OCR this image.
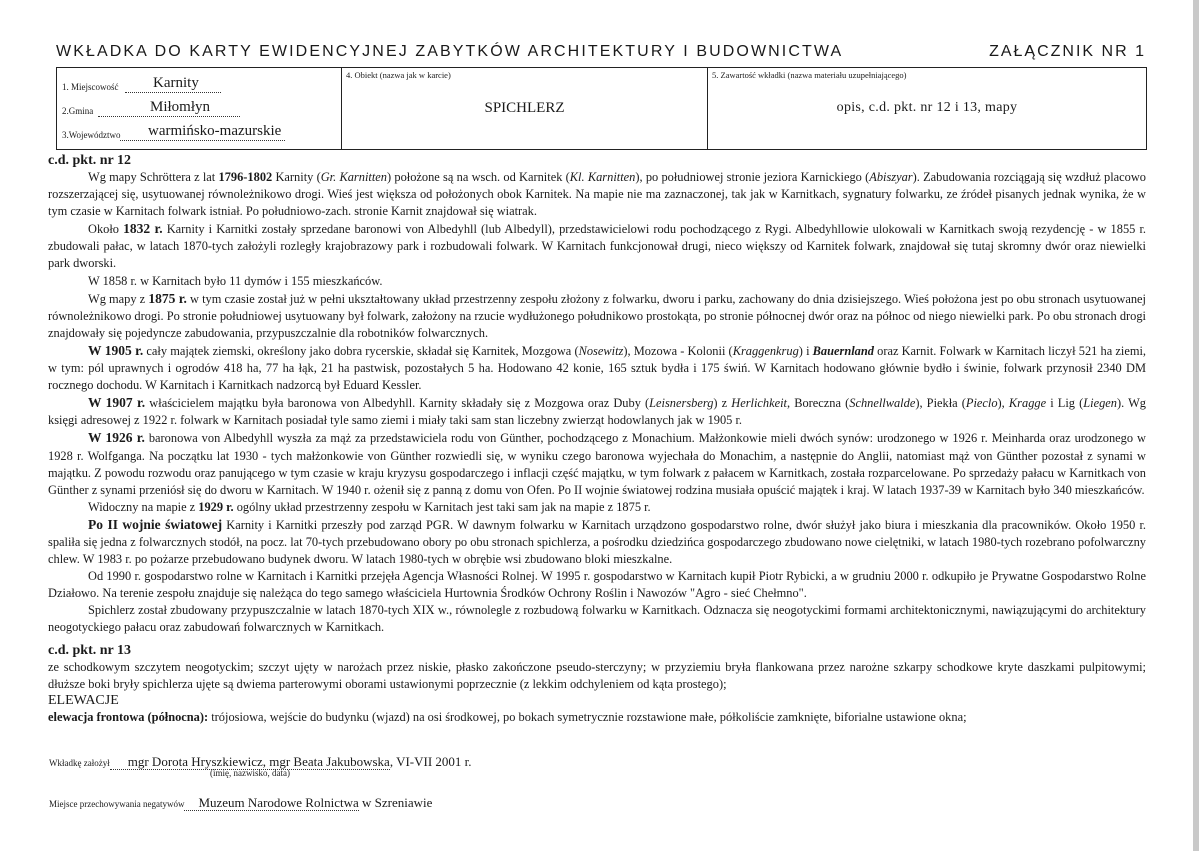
WKŁADKA DO KARTY EWIDENCYJNEJ ZABYTKÓW ARCHITEKTURY I BUDOWNICTWA	ZAŁĄCZNIK NR 1
1. Miejscowość	Karnity
2.Gmina	Miłomłyn
3.Województwo	warmińsko-mazurskie
4. Obiekt (nazwa jak w karcie)
SPICHLERZ
5. Zawartość wkładki (nazwa materiału uzupełniającego)
opis, c.d. pkt. nr 12 i 13, mapy
c.d. pkt. nr 12

Wg mapy Schröttera z lat 1796-1802 Karnity (Gr. Karnitten) położone są na wsch. od Karnitek (Kl. Karnitten), po południowej stronie jeziora Karnickiego (Abiszyar). Zabudowania rozciągają się wzdłuż placowo rozszerzającej się, usytuowanej równoleżnikowo drogi. Wieś jest większa od położonych obok Karnitek. Na mapie nie ma zaznaczonej, tak jak w Karnitkach, sygnatury folwarku, ze źródeł pisanych jednak wynika, że w tym czasie w Karnitach folwark istniał. Po południowo-zach. stronie Karnit znajdował się wiatrak.

Około 1832 r. Karnity i Karnitki zostały sprzedane baronowi von Albedyhll (lub Albedyll), przedstawicielowi rodu pochodzącego z Rygi. Albedyhllowie ulokowali w Karnitkach swoją rezydencję - w 1855 r. zbudowali pałac, w latach 1870-tych założyli rozległy krajobrazowy park i rozbudowali folwark. W Karnitach funkcjonował drugi, nieco większy od Karnitek folwark, znajdował się tutaj skromny dwór oraz niewielki park dworski.

W 1858 r. w Karnitach było 11 dymów i 155 mieszkańców.

Wg mapy z 1875 r. w tym czasie został już w pełni ukształtowany układ przestrzenny zespołu złożony z folwarku, dworu i parku, zachowany do dnia dzisiejszego. Wieś położona jest po obu stronach usytuowanej równoleżnikowo drogi. Po stronie południowej usytuowany był folwark, założony na rzucie wydłużonego południkowo prostokąta, po stronie północnej dwór oraz na północ od niego niewielki park. Po obu stronach drogi znajdowały się pojedyncze zabudowania, przypuszczalnie dla robotników folwarcznych.

W 1905 r. cały majątek ziemski, określony jako dobra rycerskie, składał się Karnitek, Mozgowa (Nosewitz), Mozowa - Kolonii (Kraggenkrug) i Bauernland oraz Karnit. Folwark w Karnitach liczył 521 ha ziemi, w tym: pól uprawnych i ogrodów 418 ha, 77 ha łąk, 21 ha pastwisk, pozostałych 5 ha. Hodowano 42 konie, 165 sztuk bydła i 175 świń. W Karnitach hodowano głównie bydło i świnie, folwark przynosił 2340 DM rocznego dochodu. W Karnitach i Karnitkach nadzorcą był Eduard Kessler.

W 1907 r. właścicielem majątku była baronowa von Albedyhll. Karnity składały się z Mozgowa oraz Duby (Leisnersberg) z Herlichkeit, Boreczna (Schnellwalde), Piekła (Pieclo), Kragge i Lig (Liegen). Wg księgi adresowej z 1922 r. folwark w Karnitach posiadał tyle samo ziemi i miały taki sam stan liczebny zwierząt hodowlanych jak w 1905 r.

W 1926 r. baronowa von Albedyhll wyszła za mąż za przedstawiciela rodu von Günther, pochodzącego z Monachium. Małżonkowie mieli dwóch synów: urodzonego w 1926 r. Meinharda oraz urodzonego w 1928 r. Wolfganga. Na początku lat 1930 - tych małżonkowie von Günther rozwiedli się, w wyniku czego baronowa wyjechała do Monachim, a następnie do Anglii, natomiast mąż von Günther pozostał z synami w majątku. Z powodu rozwodu oraz panującego w tym czasie w kraju kryzysu gospodarczego i inflacji część majątku, w tym folwark z pałacem w Karnitkach, została rozparcelowane. Po sprzedaży pałacu w Karnitkach von Günther z synami przeniósł się do dworu w Karnitach. W 1940 r. ożenił się z panną z domu von Ofen. Po II wojnie światowej rodzina musiała opuścić majątek i kraj. W latach 1937-39 w Karnitach było 340 mieszkańców.

Widoczny na mapie z 1929 r. ogólny układ przestrzenny zespołu w Karnitach jest taki sam jak na mapie z 1875 r.

Po II wojnie światowej Karnity i Karnitki przeszły pod zarząd PGR. W dawnym folwarku w Karnitach urządzono gospodarstwo rolne, dwór służył jako biura i mieszkania dla pracowników. Około 1950 r. spaliła się jedna z folwarcznych stodół, na pocz. lat 70-tych przebudowano obory po obu stronach spichlerza, a pośrodku dziedzińca gospodarczego zbudowano nowe cielętniki, w latach 1980-tych rozebrano pofolwarczny chlew. W 1983 r. po pożarze przebudowano budynek dworu. W latach 1980-tych w obrębie wsi zbudowano bloki mieszkalne.

Od 1990 r. gospodarstwo rolne w Karnitach i Karnitki przejęła Agencja Własności Rolnej. W 1995 r. gospodarstwo w Karnitach kupił Piotr Rybicki, a w grudniu 2000 r. odkupiło je Prywatne Gospodarstwo Rolne Działowo. Na terenie zespołu znajduje się należąca do tego samego właściciela Hurtownia Środków Ochrony Roślin i Nawozów "Agro - sieć Chełmno".

Spichlerz został zbudowany przypuszczalnie w latach 1870-tych XIX w., równolegle z rozbudową folwarku w Karnitkach. Odznacza się neogotyckimi formami architektonicznymi, nawiązującymi do architektury neogotyckiego pałacu oraz zabudowań folwarcznych w Karnitkach.

c.d. pkt. nr 13

ze schodkowym szczytem neogotyckim; szczyt ujęty w narożach przez niskie, płasko zakończone pseudo-sterczyny; w przyziemiu bryła flankowana przez narożne szkarpy schodkowe kryte daszkami pulpitowymi; dłuższe boki bryły spichlerza ujęte są dwiema parterowymi oborami ustawionymi poprzecznie (z lekkim odchyleniem od kąta prostego);

ELEWACJE

elewacja frontowa (północna): trójosiowa, wejście do budynku (wjazd) na osi środkowej, po bokach symetrycznie rozstawione małe, półkoliście zamknięte, biforialne ustawione okna;

Wkładkę założył mgr Dorota Hryszkiewicz, mgr Beata Jakubowska, VI-VII 2001 r.
(imię, nazwisko, data)
Miejsce przechowywania negatywów Muzeum Narodowe Rolnictwa w Szreniawie
